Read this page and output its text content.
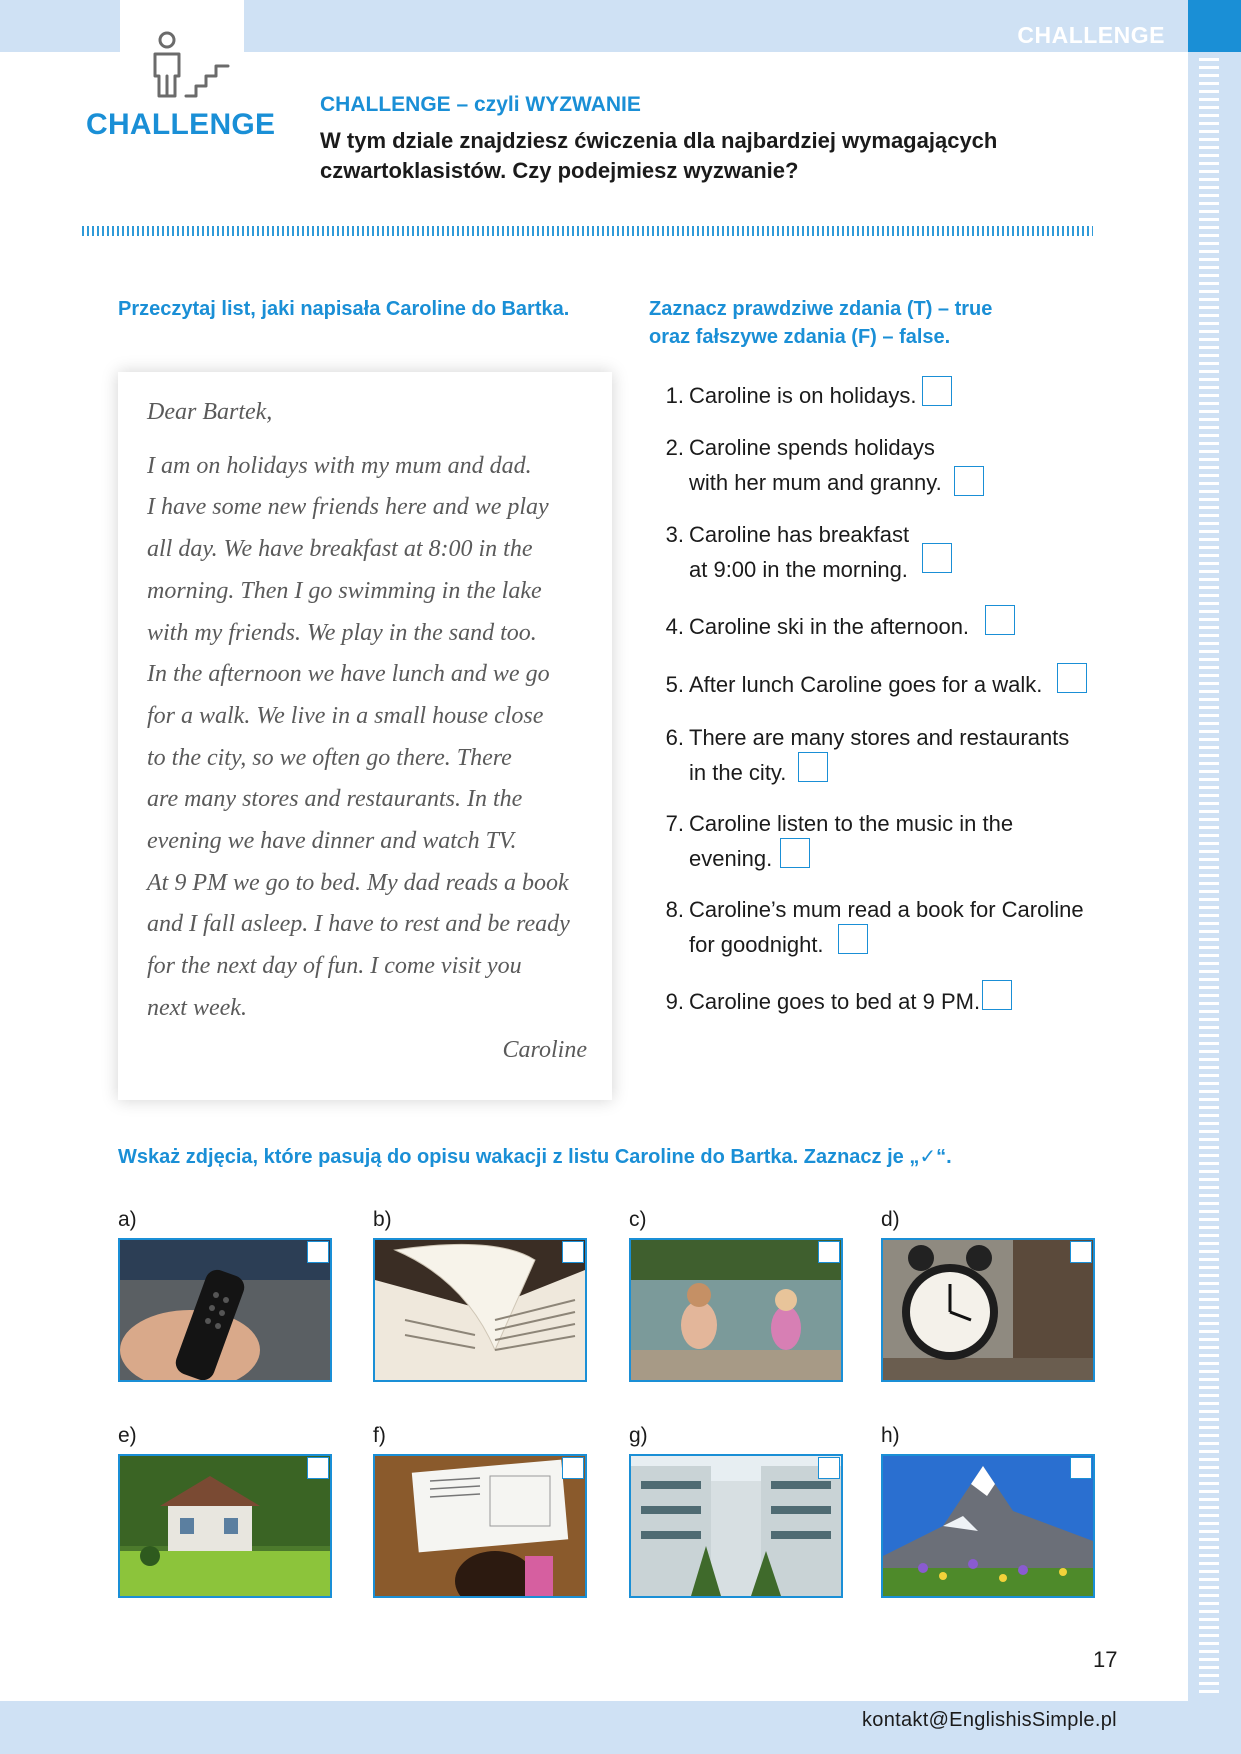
CHALLENGE
CHALLENGE
CHALLENGE – czyli WYZWANIE
W tym dziale znajdziesz ćwiczenia dla najbardziej wymagających czwartoklasistów. Czy podejmiesz wyzwanie?
Przeczytaj list, jaki napisała Caroline do Bartka.
Dear Bartek,
I am on holidays with my mum and dad.
I have some new friends here and we play
all day. We have breakfast at 8:00 in the
morning. Then I go swimming in the lake
with my friends. We play in the sand too.
In the afternoon we have lunch and we go
for a walk. We live in a small house close
to the city, so we often go there. There
are many stores and restaurants. In the
evening we have dinner and watch TV.
At 9 PM we go to bed. My dad reads a book
and I fall asleep. I have to rest and be ready
for the next day of fun. I come visit you
next week.
Caroline
Zaznacz prawdziwe zdania (T) – true
oraz fałszywe zdania (F) – false.
1. Caroline is on holidays.
2. Caroline spends holidays
with her mum and granny.
3. Caroline has breakfast
at 9:00 in the morning.
4. Caroline ski in the afternoon.
5. After lunch Caroline goes for a walk.
6. There are many stores and restaurants
in the city.
7. Caroline listen to the music in the
evening.
8. Caroline’s mum read a book for Caroline
for goodnight.
9. Caroline goes to bed at 9 PM.
Wskaż zdjęcia, które pasują do opisu wakacji z listu Caroline do Bartka. Zaznacz je „✓“.
a)	b)	c)	d)
e)	f)	g)	h)
17
kontakt@EnglishisSimple.pl
